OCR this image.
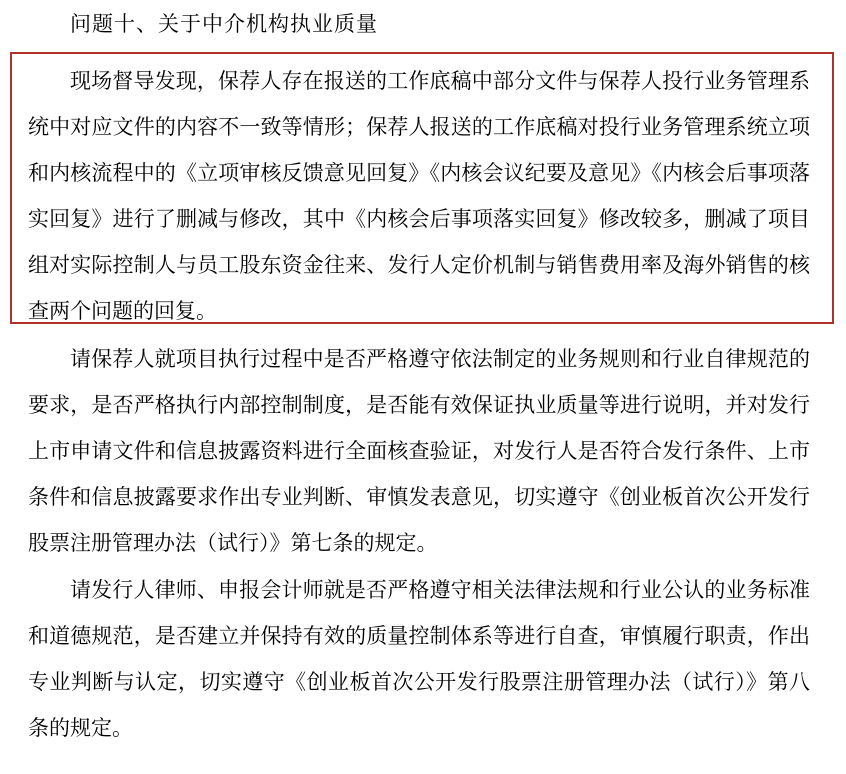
问题十、关于中介机构执业质量

现场督导发现，保荐人存在报送的工作底稿中部分文件与保荐人投行业务管理系统中对应文件的内容不一致等情形；保荐人报送的工作底稿对投行业务管理系统立项和内核流程中的《立项审核反馈意见回复》《内核会议纪要及意见》《内核会后事项落实回复》进行了删减与修改，其中《内核会后事项落实回复》修改较多，删减了项目组对实际控制人与员工股东资金往来、发行人定价机制与销售费用率及海外销售的核查两个问题的回复。

请保荐人就项目执行过程中是否严格遵守依法制定的业务规则和行业自律规范的要求，是否严格执行内部控制制度，是否能有效保证执业质量等进行说明，并对发行上市申请文件和信息披露资料进行全面核查验证，对发行人是否符合发行条件、上市条件和信息披露要求作出专业判断、审慎发表意见，切实遵守《创业板首次公开发行股票注册管理办法（试行）》第七条的规定。

请发行人律师、申报会计师就是否严格遵守相关法律法规和行业公认的业务标准和道德规范，是否建立并保持有效的质量控制体系等进行自查，审慎履行职责，作出专业判断与认定，切实遵守《创业板首次公开发行股票注册管理办法（试行）》第八条的规定。
